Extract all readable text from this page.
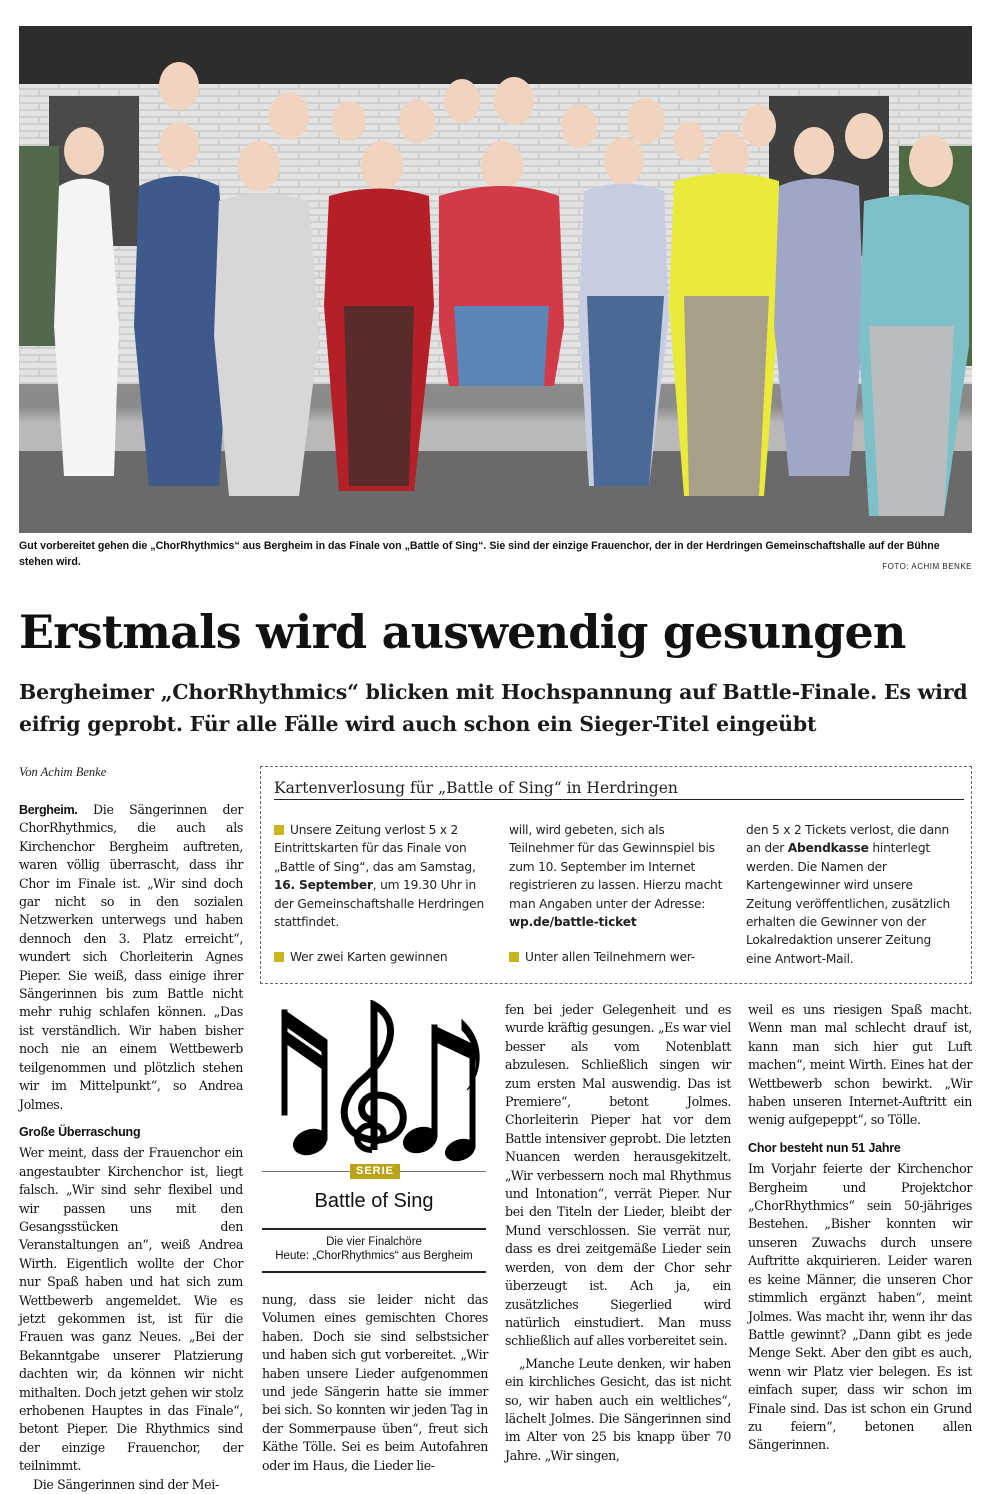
Gut vorbereitet gehen die „ChorRhythmics“ aus Bergheim in das Finale von „Battle of Sing“. Sie sind der einzige Frauenchor, der in der Herdringen Gemeinschaftshalle auf der Bühne stehen wird.	FOTO: ACHIM BENKE
Erstmals wird auswendig gesungen
Bergheimer „ChorRhythmics“ blicken mit Hochspannung auf Battle-Finale. Es wird eifrig geprobt. Für alle Fälle wird auch schon ein Sieger-Titel eingeübt
Von Achim Benke

Bergheim. Die Sängerinnen der ChorRhythmics, die auch als Kirchenchor Bergheim auftreten, waren völlig überrascht, dass ihr Chor im Finale ist. „Wir sind doch gar nicht so in den sozialen Netzwerken unterwegs und haben dennoch den 3. Platz erreicht“, wundert sich Chorleiterin Agnes Pieper. Sie weiß, dass einige ihrer Sängerinnen bis zum Battle nicht mehr ruhig schlafen können. „Das ist verständlich. Wir haben bisher noch nie an einem Wettbewerb teilgenommen und plötzlich stehen wir im Mittelpunkt“, so Andrea Jolmes.

Große Überraschung

Wer meint, dass der Frauenchor ein angestaubter Kirchenchor ist, liegt falsch. „Wir sind sehr flexibel und wir passen uns mit den Gesangsstücken den Veranstaltungen an“, weiß Andrea Wirth. Eigentlich wollte der Chor nur Spaß haben und hat sich zum Wettbewerb angemeldet. Wie es jetzt gekommen ist, ist für die Frauen was ganz Neues. „Bei der Bekanntgabe unserer Platzierung dachten wir, da können wir nicht mithalten. Doch jetzt gehen wir stolz erhobenen Hauptes in das Finale“, betont Pieper. Die Rhythmics sind der einzige Frauenchor, der teilnimmt.

Die Sängerinnen sind der Mei-

Kartenverlosung für „Battle of Sing“ in Herdringen

Unsere Zeitung verlost 5 x 2 Eintrittskarten für das Finale von „Battle of Sing“, das am Samstag, 16. September, um 19.30 Uhr in der Gemeinschaftshalle Herdringen stattfindet.

Wer zwei Karten gewinnen

will, wird gebeten, sich als Teilnehmer für das Gewinnspiel bis zum 10. September im Internet registrieren zu lassen. Hierzu macht man Angaben unter der Adresse: wp.de/battle-ticket

Unter allen Teilnehmern wer-

den 5 x 2 Tickets verlost, die dann an der Abendkasse hinterlegt werden. Die Namen der Kartengewinner wird unsere Zeitung veröffentlichen, zusätzlich erhalten die Gewinner von der Lokalredaktion unserer Zeitung eine Antwort-Mail.

SERIE
Battle of Sing
Die vier Finalchöre
Heute: „ChorRhythmics“ aus Bergheim

nung, dass sie leider nicht das Volumen eines gemischten Chores haben. Doch sie sind selbstsicher und haben sich gut vorbereitet. „Wir haben unsere Lieder aufgenommen und jede Sängerin hatte sie immer bei sich. So konnten wir jeden Tag in der Sommerpause üben“, freut sich Käthe Tölle. Sei es beim Autofahren oder im Haus, die Lieder lie-

fen bei jeder Gelegenheit und es wurde kräftig gesungen. „Es war viel besser als vom Notenblatt abzulesen. Schließlich singen wir zum ersten Mal auswendig. Das ist Premiere“, betont Jolmes. Chorleiterin Pieper hat vor dem Battle intensiver geprobt. Die letzten Nuancen werden herausgekitzelt. „Wir verbessern noch mal Rhythmus und Intonation“, verrät Pieper. Nur bei den Titeln der Lieder, bleibt der Mund verschlossen. Sie verrät nur, dass es drei zeitgemäße Lieder sein werden, von dem der Chor sehr überzeugt ist. Ach ja, ein zusätzliches Siegerlied wird natürlich einstudiert. Man muss schließlich auf alles vorbereitet sein.

„Manche Leute denken, wir haben ein kirchliches Gesicht, das ist nicht so, wir haben auch ein weltliches“, lächelt Jolmes. Die Sängerinnen sind im Alter von 25 bis knapp über 70 Jahre. „Wir singen,

weil es uns riesigen Spaß macht. Wenn man mal schlecht drauf ist, kann man sich hier gut Luft machen“, meint Wirth. Eines hat der Wettbewerb schon bewirkt. „Wir haben unseren Internet-Auftritt ein wenig aufgepeppt“, so Tölle.

Chor besteht nun 51 Jahre

Im Vorjahr feierte der Kirchenchor Bergheim und Projektchor „ChorRhythmics“ sein 50-jähriges Bestehen. „Bisher konnten wir unseren Zuwachs durch unsere Auftritte akquirieren. Leider waren es keine Männer, die unseren Chor stimmlich ergänzt haben“, meint Jolmes. Was macht ihr, wenn ihr das Battle gewinnt? „Dann gibt es jede Menge Sekt. Aber den gibt es auch, wenn wir Platz vier belegen. Es ist einfach super, dass wir schon im Finale sind. Das ist schon ein Grund zu feiern“, betonen allen Sängerinnen.
